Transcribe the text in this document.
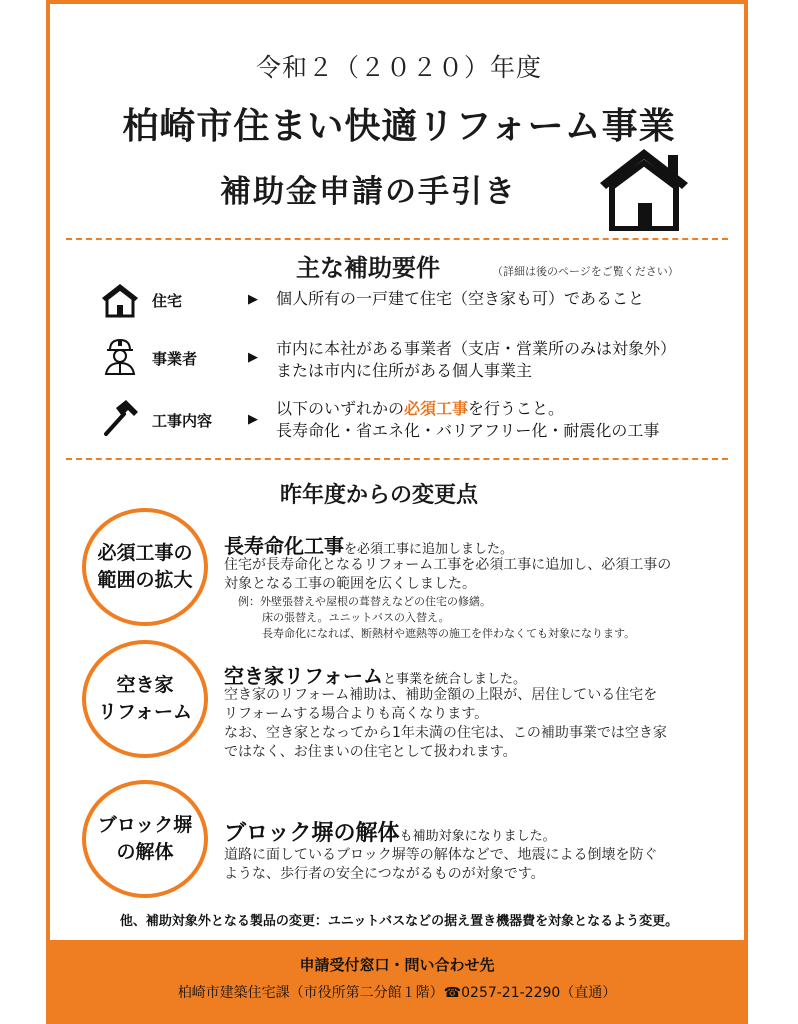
令和２（２０２０）年度
柏崎市住まい快適リフォーム事業
補助金申請の手引き
主な補助要件	（詳細は後のページをご覧ください）
住宅	▶ 個人所有の一戸建て住宅（空き家も可）であること
事業者	▶ 市内に本社がある事業者（支店・営業所のみは対象外）
または市内に住所がある個人事業主
工事内容	▶
以下のいずれかの必須工事を行うこと。
長寿命化・省エネ化・バリアフリー化・耐震化の工事
昨年度からの変更点
必須工事の
範囲の拡大
長寿命化工事を必須工事に追加しました。
住宅が長寿命化となるリフォーム工事を必須工事に追加し、必須工事の
対象となる工事の範囲を広くしました。
例：外壁張替えや屋根の葺替えなどの住宅の修繕。
床の張替え。ユニットバスの入替え。
長寿命化になれば、断熱材や遮熱等の施工を伴わなくても対象になります。
空き家
リフォーム
空き家リフォームと事業を統合しました。
空き家のリフォーム補助は、補助金額の上限が、居住している住宅を
リフォームする場合よりも高くなります。
なお、空き家となってから1年未満の住宅は、この補助事業では空き家
ではなく、お住まいの住宅として扱われます。
ブロック塀
の解体
ブロック塀の解体も補助対象になりました。
道路に面しているブロック塀等の解体などで、地震による倒壊を防ぐ
ような、歩行者の安全につながるものが対象です。
他、補助対象外となる製品の変更：ユニットバスなどの据え置き機器費を対象となるよう変更。
申請受付窓口・問い合わせ先
柏崎市建築住宅課（市役所第二分館１階）☎0257-21-2290（直通）
